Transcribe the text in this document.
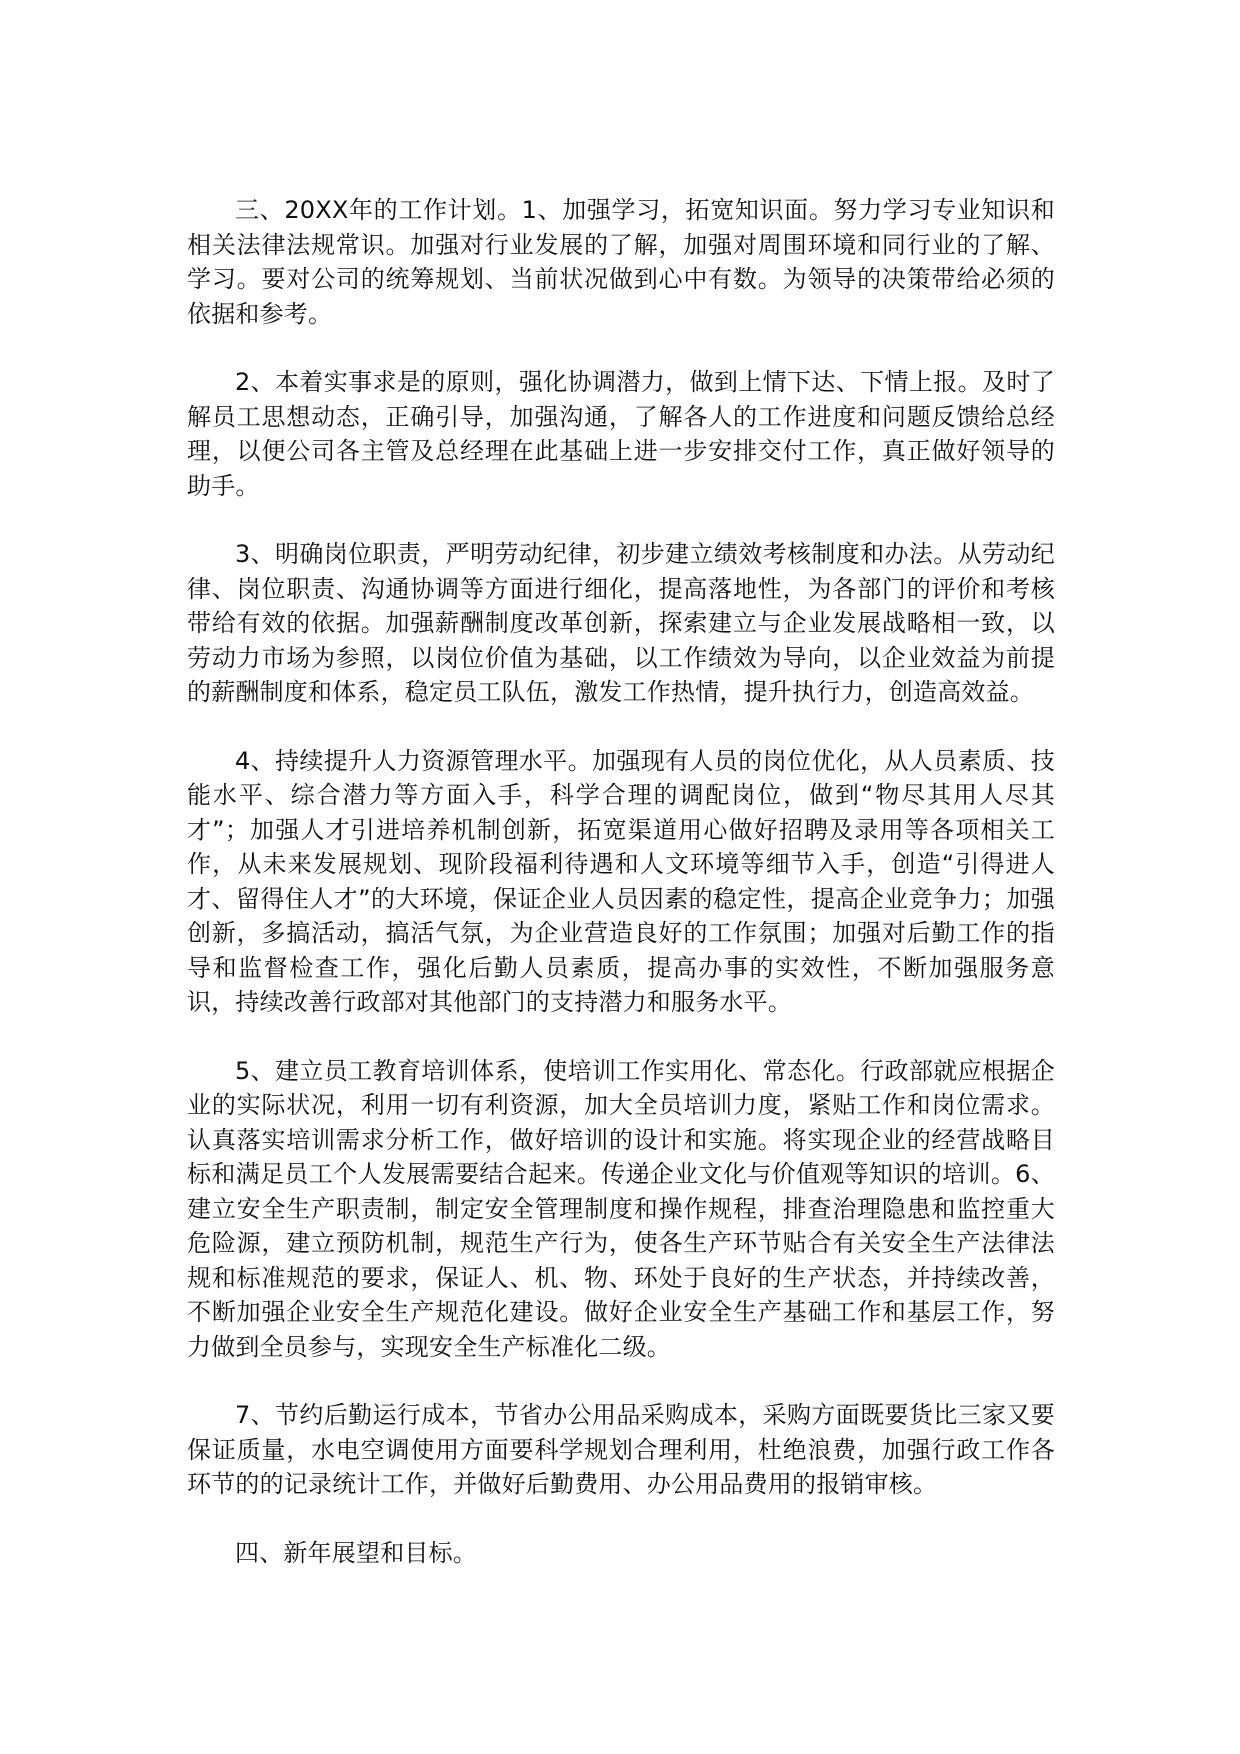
三、20XX年的工作计划。1、加强学习，拓宽知识面。努力学习专业知识和相关法律法规常识。加强对行业发展的了解，加强对周围环境和同行业的了解、学习。要对公司的统筹规划、当前状况做到心中有数。为领导的决策带给必须的依据和参考。

2、本着实事求是的原则，强化协调潜力，做到上情下达、下情上报。及时了解员工思想动态，正确引导，加强沟通，了解各人的工作进度和问题反馈给总经理，以便公司各主管及总经理在此基础上进一步安排交付工作，真正做好领导的助手。

3、明确岗位职责，严明劳动纪律，初步建立绩效考核制度和办法。从劳动纪律、岗位职责、沟通协调等方面进行细化，提高落地性，为各部门的评价和考核带给有效的依据。加强薪酬制度改革创新，探索建立与企业发展战略相一致，以劳动力市场为参照，以岗位价值为基础，以工作绩效为导向，以企业效益为前提的薪酬制度和体系，稳定员工队伍，激发工作热情，提升执行力，创造高效益。

4、持续提升人力资源管理水平。加强现有人员的岗位优化，从人员素质、技能水平、综合潜力等方面入手，科学合理的调配岗位，做到“物尽其用人尽其才”；加强人才引进培养机制创新，拓宽渠道用心做好招聘及录用等各项相关工作，从未来发展规划、现阶段福利待遇和人文环境等细节入手，创造“引得进人才、留得住人才”的大环境，保证企业人员因素的稳定性，提高企业竞争力；加强创新，多搞活动，搞活气氛，为企业营造良好的工作氛围；加强对后勤工作的指导和监督检查工作，强化后勤人员素质，提高办事的实效性，不断加强服务意识，持续改善行政部对其他部门的支持潜力和服务水平。

5、建立员工教育培训体系，使培训工作实用化、常态化。行政部就应根据企业的实际状况，利用一切有利资源，加大全员培训力度，紧贴工作和岗位需求。认真落实培训需求分析工作，做好培训的设计和实施。将实现企业的经营战略目标和满足员工个人发展需要结合起来。传递企业文化与价值观等知识的培训。6、建立安全生产职责制，制定安全管理制度和操作规程，排查治理隐患和监控重大危险源，建立预防机制，规范生产行为，使各生产环节贴合有关安全生产法律法规和标准规范的要求，保证人、机、物、环处于良好的生产状态，并持续改善，不断加强企业安全生产规范化建设。做好企业安全生产基础工作和基层工作，努力做到全员参与，实现安全生产标准化二级。

7、节约后勤运行成本，节省办公用品采购成本，采购方面既要货比三家又要保证质量，水电空调使用方面要科学规划合理利用，杜绝浪费，加强行政工作各环节的的记录统计工作，并做好后勤费用、办公用品费用的报销审核。

四、新年展望和目标。
